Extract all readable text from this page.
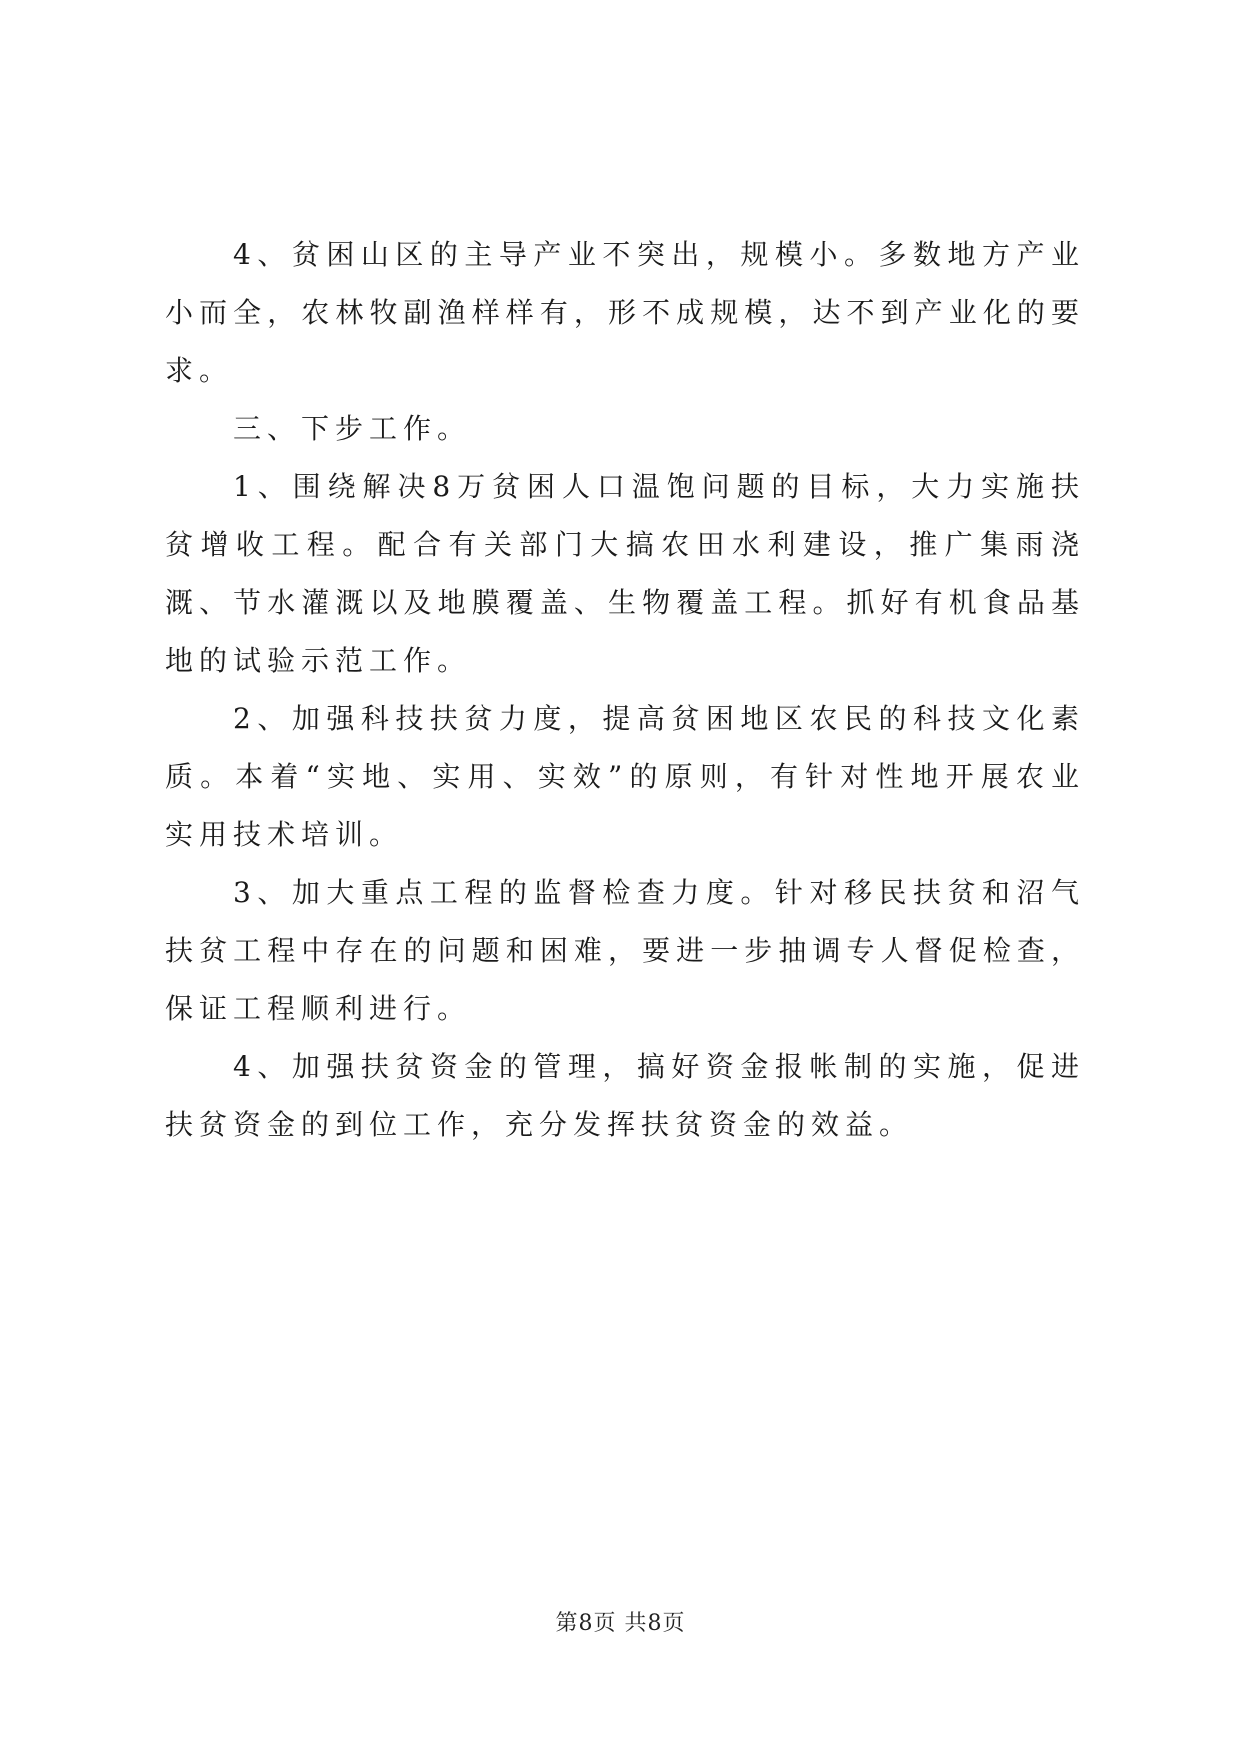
4、贫困山区的主导产业不突出，规模小。多数地方产业小而全，农林牧副渔样样有，形不成规模，达不到产业化的要求。

三、下步工作。

1、围绕解决8万贫困人口温饱问题的目标，大力实施扶贫增收工程。配合有关部门大搞农田水利建设，推广集雨浇溉、节水灌溉以及地膜覆盖、生物覆盖工程。抓好有机食品基地的试验示范工作。

2、加强科技扶贫力度，提高贫困地区农民的科技文化素质。本着“实地、实用、实效”的原则，有针对性地开展农业实用技术培训。

3、加大重点工程的监督检查力度。针对移民扶贫和沼气扶贫工程中存在的问题和困难，要进一步抽调专人督促检查，保证工程顺利进行。

4、加强扶贫资金的管理，搞好资金报帐制的实施，促进扶贫资金的到位工作，充分发挥扶贫资金的效益。

第8页 共8页
